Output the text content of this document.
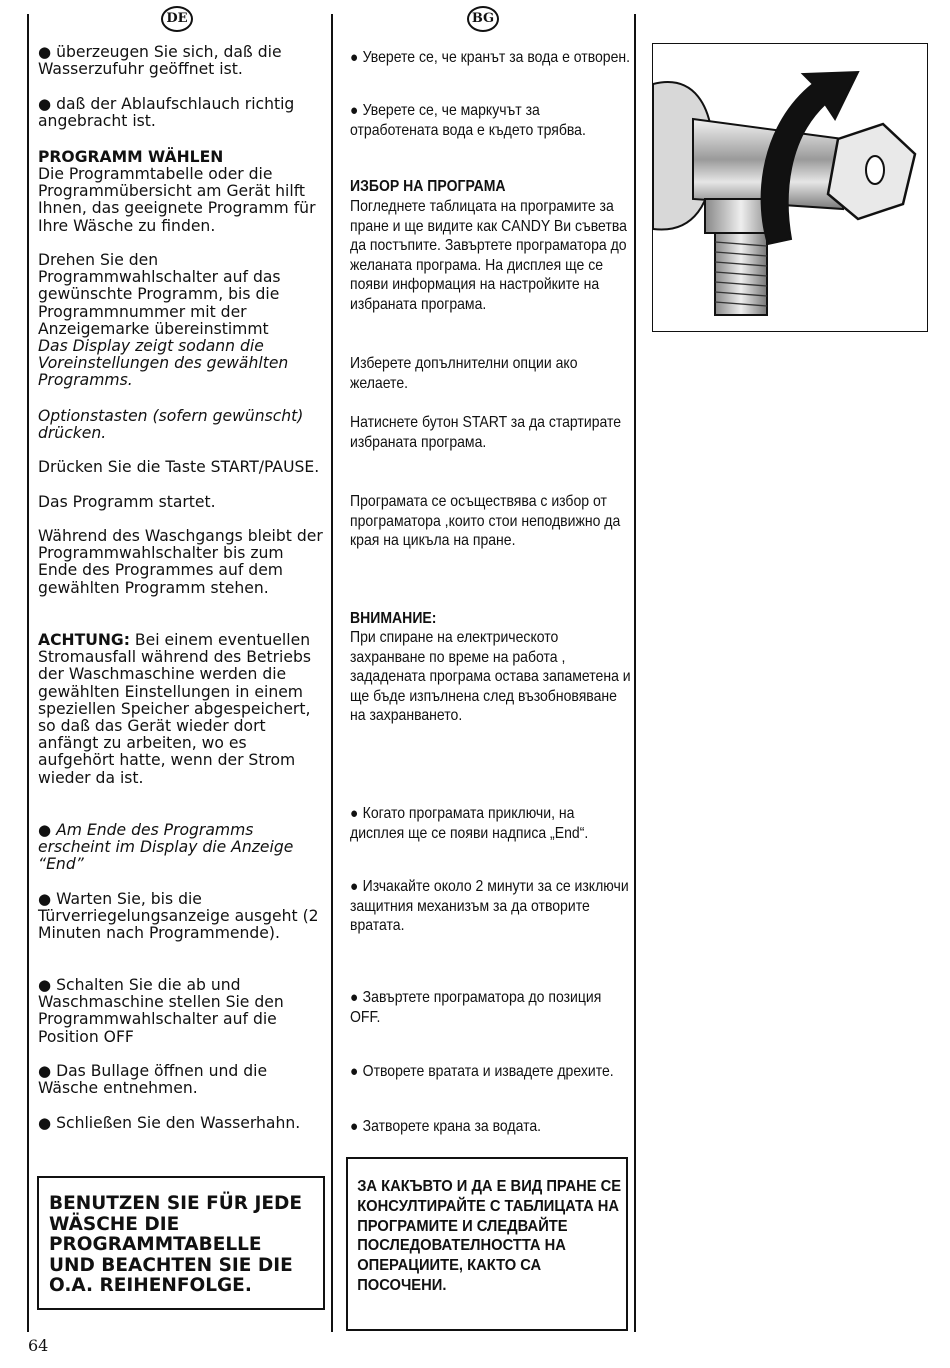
DE	BG

● überzeugen Sie sich, daß die Wasserzufuhr geöffnet ist.

● daß der Ablaufschlauch richtig angebracht ist.

PROGRAMM WÄHLEN

Die Programmtabelle oder die Programmübersicht am Gerät hilft Ihnen, das geeignete Programm für Ihre Wäsche zu finden.

Drehen Sie den Programmwahlschalter auf das gewünschte Programm, bis die Programmnummer mit der Anzeigemarke übereinstimmt

Das Display zeigt sodann die Voreinstellungen des gewählten Programms.

Optionstasten (sofern gewünscht) drücken.

Drücken Sie die Taste START/PAUSE.

Das Programm startet.

Während des Waschgangs bleibt der Programmwahlschalter bis zum Ende des Programmes auf dem gewählten Programm stehen.

ACHTUNG: Bei einem eventuellen Stromausfall während des Betriebs der Waschmaschine werden die gewählten Einstellungen in einem speziellen Speicher abgespeichert, so daß das Gerät wieder dort anfängt zu arbeiten, wo es aufgehört hatte, wenn der Strom wieder da ist.

● Am Ende des Programms erscheint im Display die Anzeige “End”

● Warten Sie, bis die Türverriegelungsanzeige ausgeht (2 Minuten nach Programmende).

● Schalten Sie die ab und Waschmaschine stellen Sie den Programmwahlschalter auf die Position OFF

● Das Bullage öffnen und die Wäsche entnehmen.

● Schließen Sie den Wasserhahn.

BENUTZEN SIE FÜR JEDE WÄSCHE DIE PROGRAMMTABELLE UND BEACHTEN SIE DIE O.A. REIHENFOLGE.

● Уверете се, че кранът за вода е отворен.

● Уверете се, че маркучът за отработената вода е където трябва.

ИЗБОР НА ПРОГРАМА

Погледнете таблицата на програмите за пране и ще видите как CANDY Ви съветва да постъпите. Завъртете програматора до желаната програма. На дисплея ще се появи информация на настройките на избраната програма.

Изберете допълнителни опции ако желаете.

Натиснете бутон START за да стартирате избраната програма.

Програмата се осъществява с избор от програматора ,които стои неподвижно да края на цикъла на пране.

ВНИМАНИЕ:

При спиране на електрическото захранване по време на работа , зададената програма остава запаметена и ще бъде изпълнена след възобновяване на захранването.

● Когато програмата приключи, на дисплея ще се появи надписа „End“.

● Изчакайте около 2 минути за се изключи защитния механизъм за да отворите вратата.

● Завъртете програматора до позиция OFF.

● Отворете вратата и извадете дрехите.

● Затворете крана за водата.

ЗА КАКЪВТО И ДА Е ВИД ПРАНЕ СЕ КОНСУЛТИРАЙТЕ С ТАБЛИЦАТА НА ПРОГРАМИТЕ И СЛЕДВАЙТЕ ПОСЛЕДОВАТЕЛНОСТТА НА ОПЕРАЦИИТЕ, КАКТО СА ПОСОЧЕНИ.
64
